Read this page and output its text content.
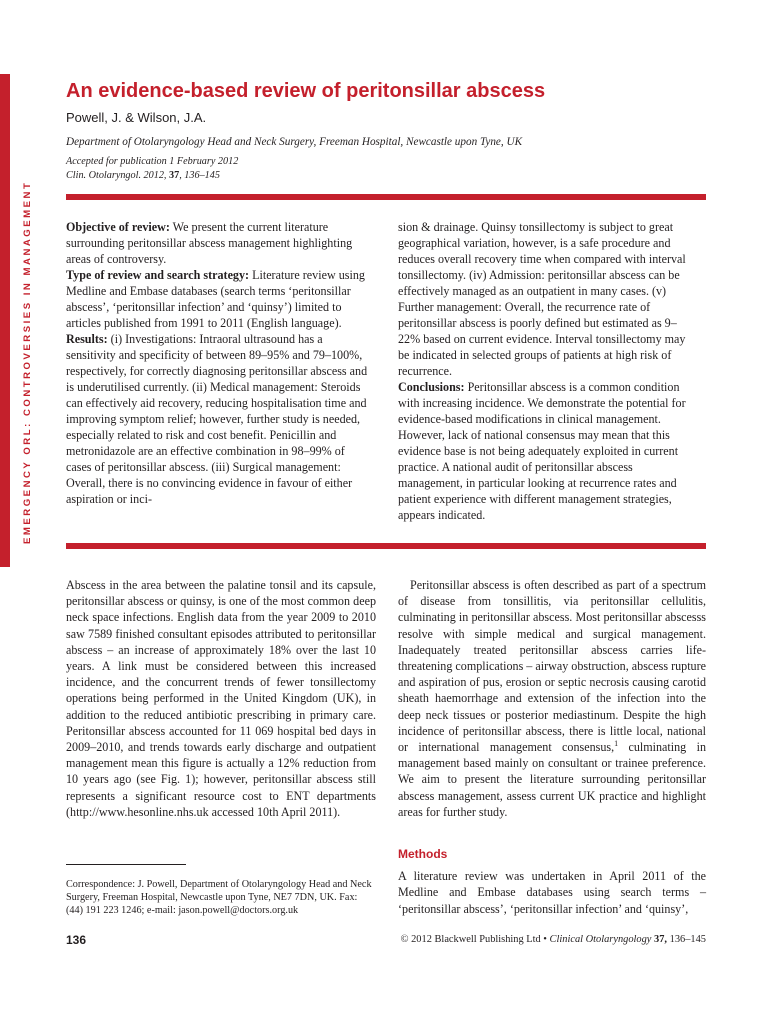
EMERGENCY ORL: CONTROVERSIES IN MANAGEMENT
An evidence-based review of peritonsillar abscess
Powell, J. & Wilson, J.A.
Department of Otolaryngology Head and Neck Surgery, Freeman Hospital, Newcastle upon Tyne, UK
Accepted for publication 1 February 2012
Clin. Otolaryngol. 2012, 37, 136–145

Objective of review: We present the current literature surrounding peritonsillar abscess management highlighting areas of controversy.

Type of review and search strategy: Literature review using Medline and Embase databases (search terms ‘peritonsillar abscess’, ‘peritonsillar infection’ and ‘quinsy’) limited to articles published from 1991 to 2011 (English language).

Results: (i) Investigations: Intraoral ultrasound has a sensitivity and specificity of between 89–95% and 79–100%, respectively, for correctly diagnosing peritonsillar abscess and is underutilised currently. (ii) Medical management: Steroids can effectively aid recovery, reducing hospitalisation time and improving symptom relief; however, further study is needed, especially related to risk and cost benefit. Penicillin and metronidazole are an effective combination in 98–99% of cases of peritonsillar abscess. (iii) Surgical management: Overall, there is no convincing evidence in favour of either aspiration or inci-

sion & drainage. Quinsy tonsillectomy is subject to great geographical variation, however, is a safe procedure and reduces overall recovery time when compared with interval tonsillectomy. (iv) Admission: peritonsillar abscess can be effectively managed as an outpatient in many cases. (v) Further management: Overall, the recurrence rate of peritonsillar abscess is poorly defined but estimated as 9–22% based on current evidence. Interval tonsillectomy may be indicated in selected groups of patients at high risk of recurrence.

Conclusions: Peritonsillar abscess is a common condition with increasing incidence. We demonstrate the potential for evidence-based modifications in clinical management. However, lack of national consensus may mean that this evidence base is not being adequately exploited in current practice. A national audit of peritonsillar abscess management, in particular looking at recurrence rates and patient experience with different management strategies, appears indicated.

Abscess in the area between the palatine tonsil and its capsule, peritonsillar abscess or quinsy, is one of the most common deep neck space infections. English data from the year 2009 to 2010 saw 7589 finished consultant episodes attributed to peritonsillar abscess – an increase of approximately 18% over the last 10 years. A link must be considered between this increased incidence, and the concurrent trends of fewer tonsillectomy operations being performed in the United Kingdom (UK), in addition to the reduced antibiotic prescribing in primary care. Peritonsillar abscess accounted for 11 069 hospital bed days in 2009–2010, and trends towards early discharge and outpatient management mean this figure is actually a 12% reduction from 10 years ago (see Fig. 1); however, peritonsillar abscess still represents a significant resource cost to ENT departments (http://www.hesonline.nhs.uk accessed 10th April 2011).

Peritonsillar abscess is often described as part of a spectrum of disease from tonsillitis, via peritonsillar cellulitis, culminating in peritonsillar abscess. Most peritonsillar abscesss resolve with simple medical and surgical management. Inadequately treated peritonsillar abscess carries life-threatening complications – airway obstruction, abscess rupture and aspiration of pus, erosion or septic necrosis causing carotid sheath haemorrhage and extension of the infection into the deep neck tissues or posterior mediastinum. Despite the high incidence of peritonsillar abscess, there is little local, national or international management consensus,$^1$ culminating in management based mainly on consultant or trainee preference. We aim to present the literature surrounding peritonsillar abscess management, assess current UK practice and highlight areas for further study.

Methods

A literature review was undertaken in April 2011 of the Medline and Embase databases using search terms – ‘peritonsillar abscess’, ‘peritonsillar infection’ and ‘quinsy’,

Correspondence: J. Powell, Department of Otolaryngology Head and Neck Surgery, Freeman Hospital, Newcastle upon Tyne, NE7 7DN, UK. Fax: (44) 191 223 1246; e-mail: jason.powell@doctors.org.uk
136	© 2012 Blackwell Publishing Ltd • Clinical Otolaryngology 37, 136–145
